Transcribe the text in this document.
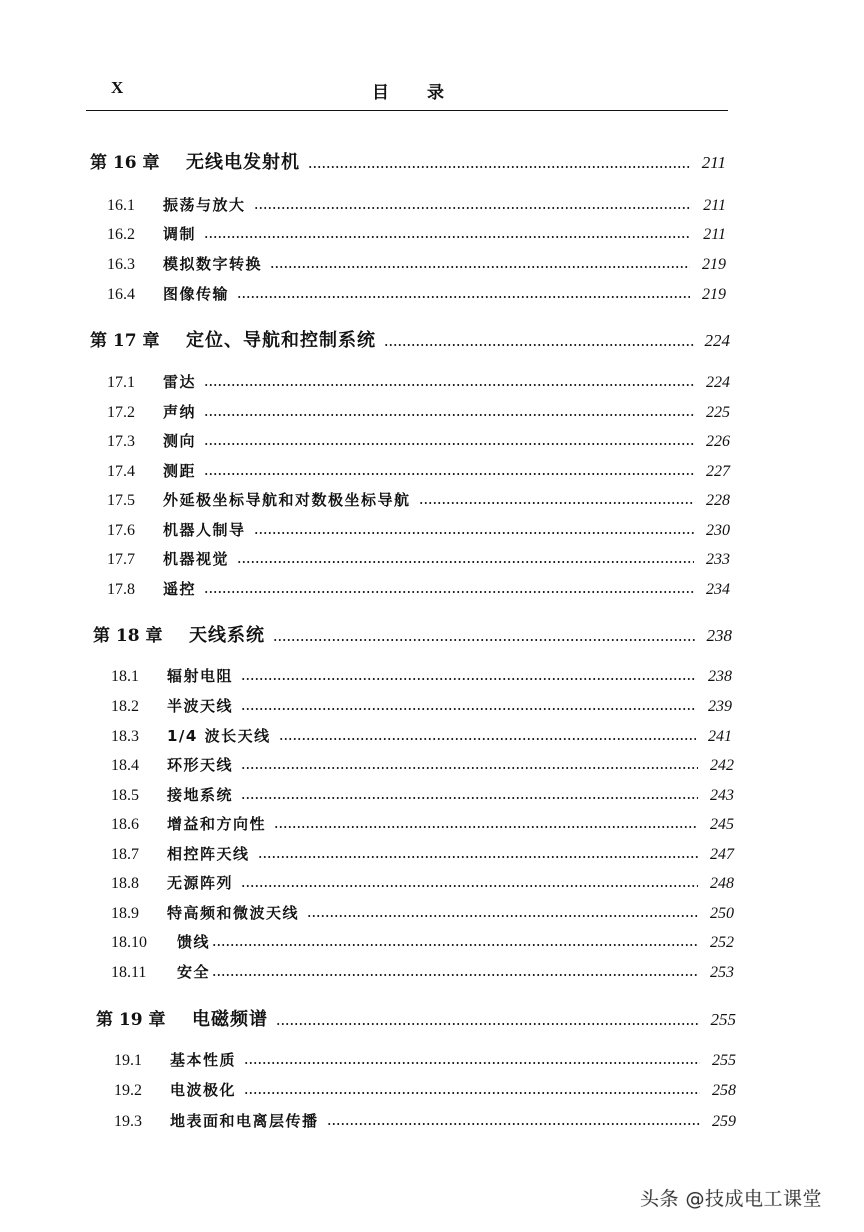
X	目录
第 16 章	无线电发射机	211
16.1	振荡与放大	211
16.2	调制	211
16.3	模拟数字转换	219
16.4	图像传输	219
第 17 章	定位、导航和控制系统	224
17.1	雷达	224
17.2	声纳	225
17.3	测向	226
17.4	测距	227
17.5	外延极坐标导航和对数极坐标导航	228
17.6	机器人制导	230
17.7	机器视觉	233
17.8	遥控	234
第 18 章	天线系统	238
18.1	辐射电阻	238
18.2	半波天线	239
18.3	1/4 波长天线	241
18.4	环形天线	242
18.5	接地系统	243
18.6	增益和方向性	245
18.7	相控阵天线	247
18.8	无源阵列	248
18.9	特高频和微波天线	250
18.10	馈线	252
18.11	安全	253
第 19 章	电磁频谱	255
19.1	基本性质	255
19.2	电波极化	258
19.3	地表面和电离层传播	259
头条 @技成电工课堂
